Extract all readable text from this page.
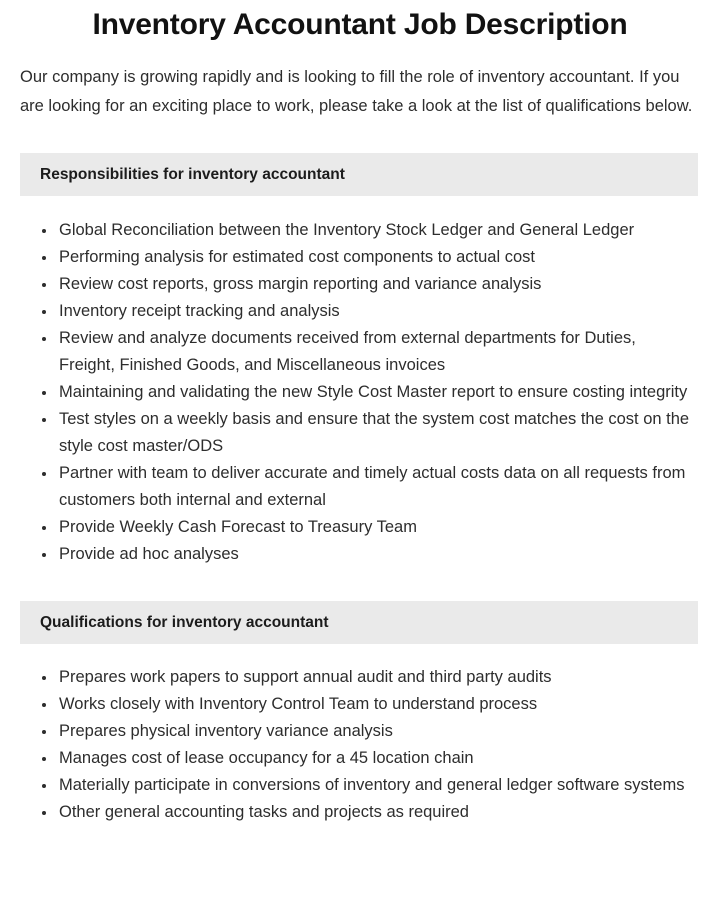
Inventory Accountant Job Description

Our company is growing rapidly and is looking to fill the role of inventory accountant. If you are looking for an exciting place to work, please take a look at the list of qualifications below.

Responsibilities for inventory accountant
Global Reconciliation between the Inventory Stock Ledger and General Ledger
Performing analysis for estimated cost components to actual cost
Review cost reports, gross margin reporting and variance analysis
Inventory receipt tracking and analysis
Review and analyze documents received from external departments for Duties, Freight, Finished Goods, and Miscellaneous invoices
Maintaining and validating the new Style Cost Master report to ensure costing integrity
Test styles on a weekly basis and ensure that the system cost matches the cost on the style cost master/ODS
Partner with team to deliver accurate and timely actual costs data on all requests from customers both internal and external
Provide Weekly Cash Forecast to Treasury Team
Provide ad hoc analyses
Qualifications for inventory accountant
Prepares work papers to support annual audit and third party audits
Works closely with Inventory Control Team to understand process
Prepares physical inventory variance analysis
Manages cost of lease occupancy for a 45 location chain
Materially participate in conversions of inventory and general ledger software systems
Other general accounting tasks and projects as required
